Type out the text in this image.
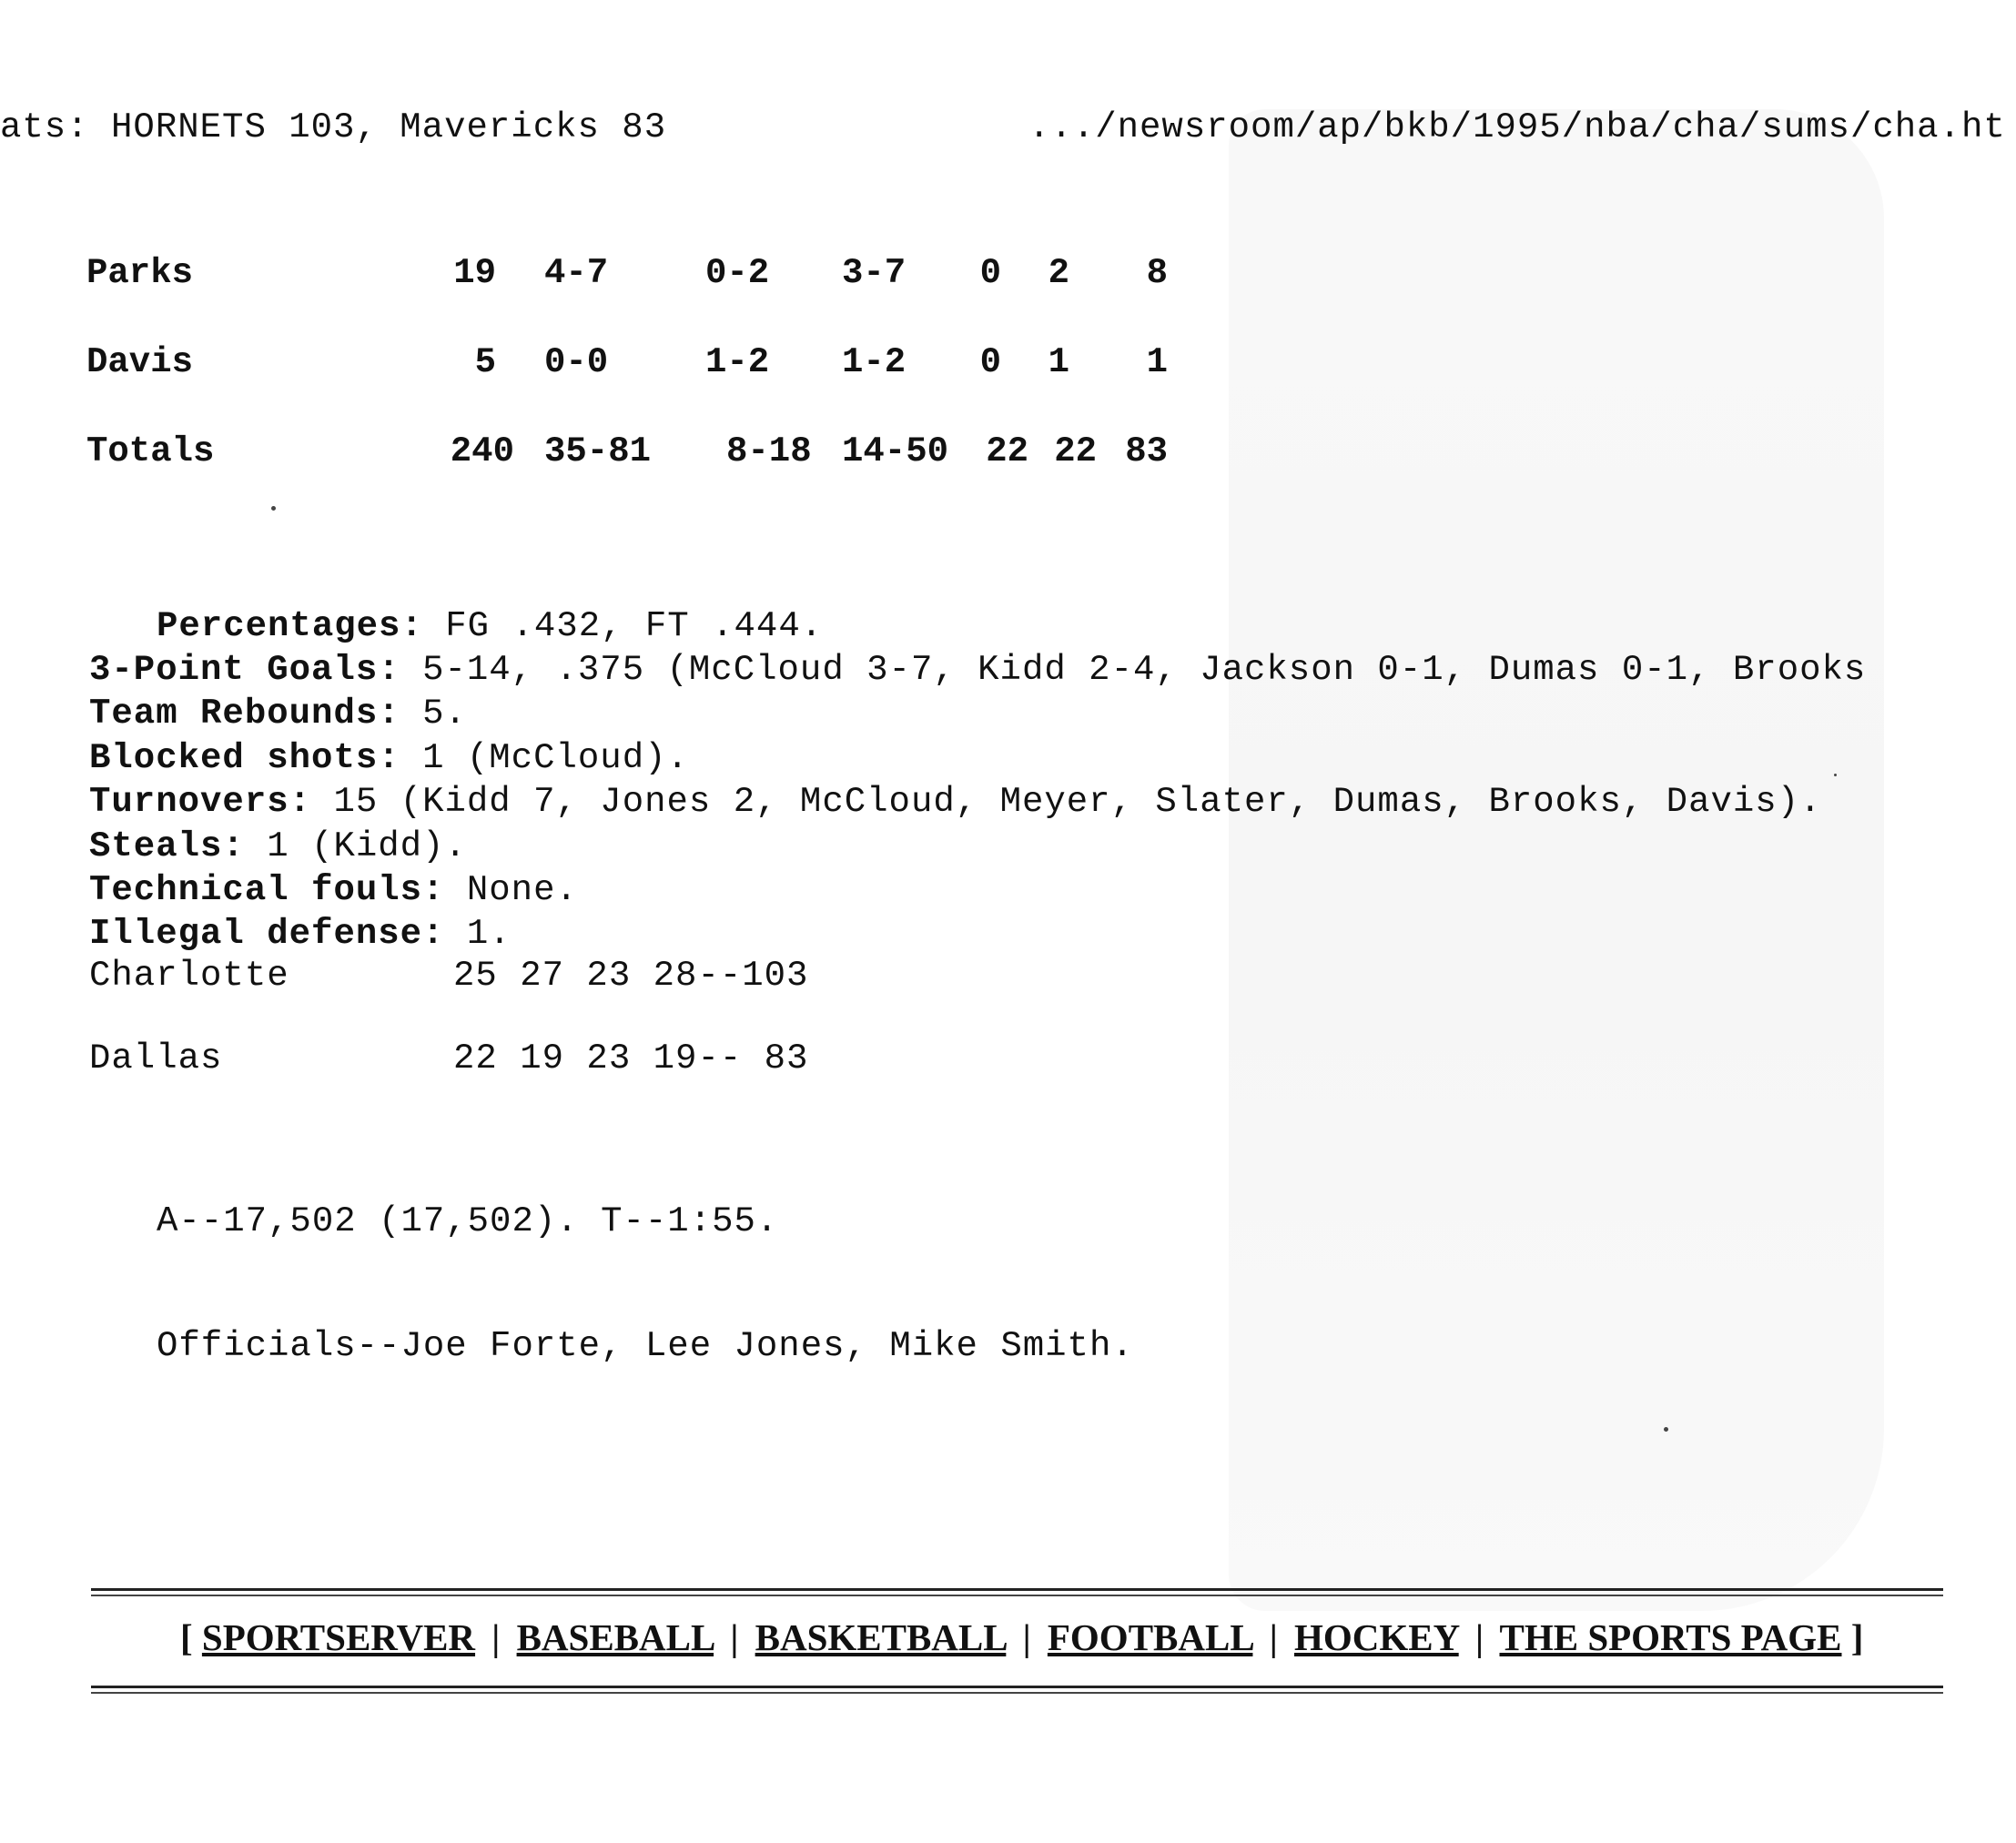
ats: HORNETS 103, Mavericks 83	.../newsroom/ap/bkb/1995/nba/cha/sums/cha.ht
Parks	19 4-7	0-2 3-7 0 2	8
Davis	5 0-0	1-2 1-2 0 1	1
Totals	240 35-81 8-18 14-50	22 22 83
Percentages: FG .432, FT .444.
3-Point Goals: 5-14, .375 (McCloud 3-7, Kidd 2-4, Jackson 0-1, Dumas 0-1, Brooks
Team Rebounds: 5.
Blocked shots: 1 (McCloud).
Turnovers: 15 (Kidd 7, Jones 2, McCloud, Meyer, Slater, Dumas, Brooks, Davis).
Steals: 1 (Kidd).
Technical fouls: None.
Illegal defense: 1.
Charlotte	25 27 23 28--103
Dallas	22 19 23 19-- 83
A--17,502 (17,502). T--1:55.
Officials--Joe Forte, Lee Jones, Mike Smith.
[ SPORTSERVER | BASEBALL | BASKETBALL | FOOTBALL | HOCKEY | THE SPORTS PAGE ]
